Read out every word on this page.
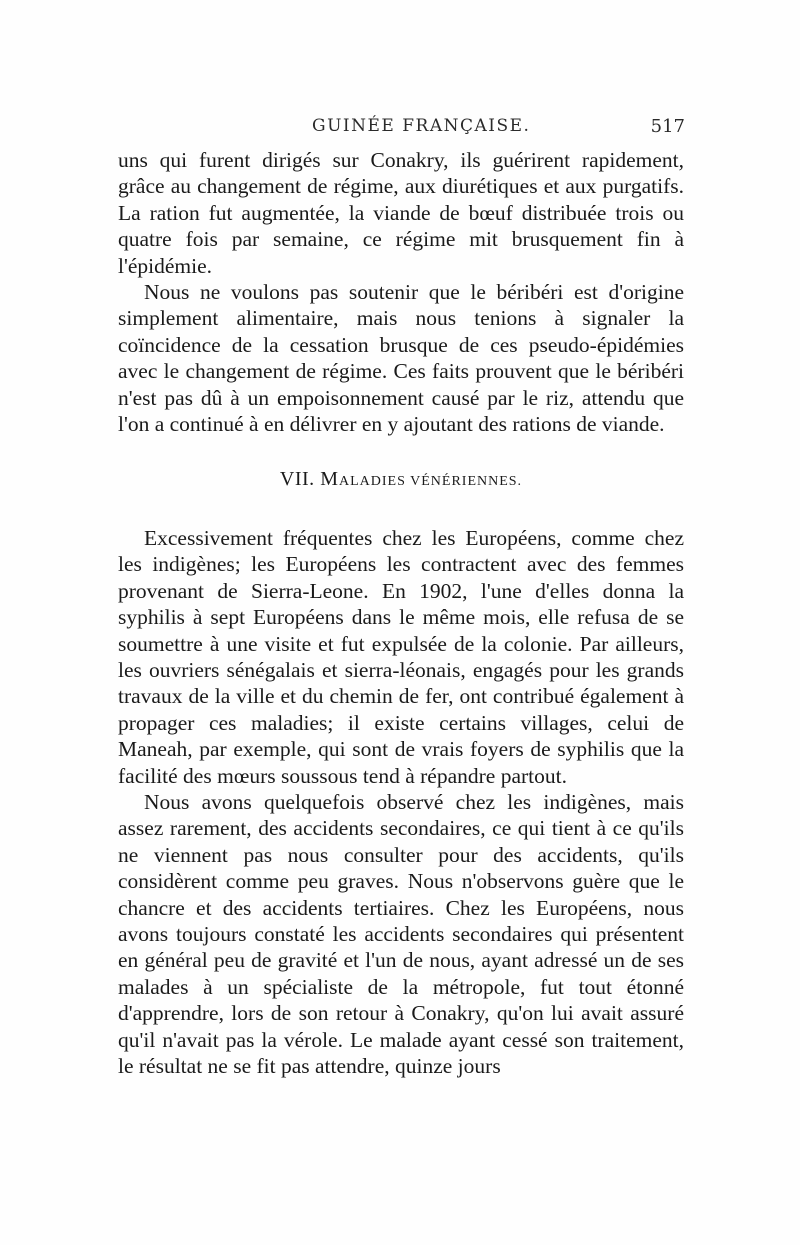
GUINÉE FRANÇAISE.	517

uns qui furent dirigés sur Conakry, ils guérirent rapidement, grâce au changement de régime, aux diurétiques et aux purgatifs. La ration fut augmentée, la viande de bœuf distribuée trois ou quatre fois par semaine, ce régime mit brusquement fin à l'épidémie.

Nous ne voulons pas soutenir que le béribéri est d'origine simplement alimentaire, mais nous tenions à signaler la coïncidence de la cessation brusque de ces pseudo-épidémies avec le changement de régime. Ces faits prouvent que le béribéri n'est pas dû à un empoisonnement causé par le riz, attendu que l'on a continué à en délivrer en y ajoutant des rations de viande.

VII. MALADIES VÉNÉRIENNES.

Excessivement fréquentes chez les Européens, comme chez les indigènes; les Européens les contractent avec des femmes provenant de Sierra-Leone. En 1902, l'une d'elles donna la syphilis à sept Européens dans le même mois, elle refusa de se soumettre à une visite et fut expulsée de la colonie. Par ailleurs, les ouvriers sénégalais et sierra-léonais, engagés pour les grands travaux de la ville et du chemin de fer, ont contribué également à propager ces maladies; il existe certains villages, celui de Maneah, par exemple, qui sont de vrais foyers de syphilis que la facilité des mœurs soussous tend à répandre partout.

Nous avons quelquefois observé chez les indigènes, mais assez rarement, des accidents secondaires, ce qui tient à ce qu'ils ne viennent pas nous consulter pour des accidents, qu'ils considèrent comme peu graves. Nous n'observons guère que le chancre et des accidents tertiaires. Chez les Européens, nous avons toujours constaté les accidents secondaires qui présentent en général peu de gravité et l'un de nous, ayant adressé un de ses malades à un spécialiste de la métropole, fut tout étonné d'apprendre, lors de son retour à Conakry, qu'on lui avait assuré qu'il n'avait pas la vérole. Le malade ayant cessé son traitement, le résultat ne se fit pas attendre, quinze jours
